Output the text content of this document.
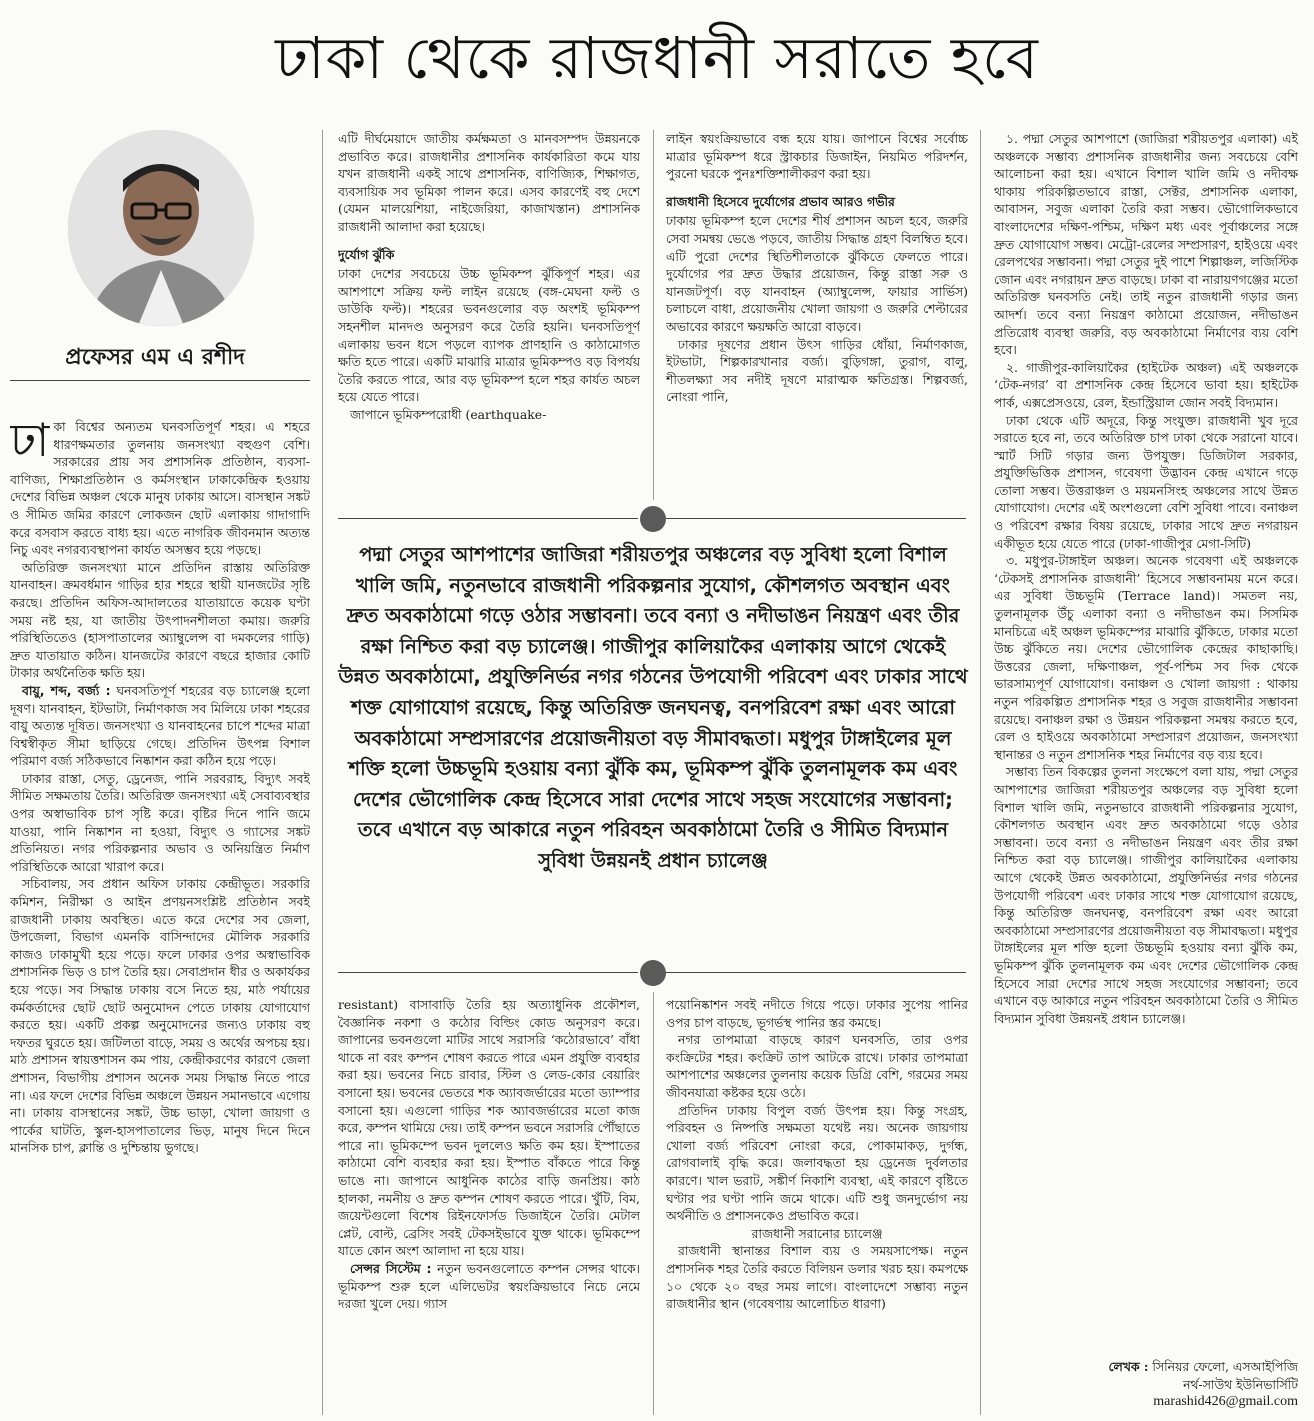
ঢাকা থেকে রাজধানী সরাতে হবে
প্রফেসর এম এ রশীদ

ঢাকা বিশ্বের অন্যতম ঘনবসতিপূর্ণ শহর। এ শহরে ধারণক্ষমতার তুলনায় জনসংখ্যা বহুগুণ বেশি। সরকারের প্রায় সব প্রশাসনিক প্রতিষ্ঠান, ব্যবসা-বাণিজ্য, শিক্ষাপ্রতিষ্ঠান ও কর্মসংস্থান ঢাকাকেন্দ্রিক হওয়ায় দেশের বিভিন্ন অঞ্চল থেকে মানুষ ঢাকায় আসে। বাসস্থান সঙ্কট ও সীমিত জমির কারণে লোকজন ছোট এলাকায় গাদাগাদি করে বসবাস করতে বাধ্য হয়। এতে নাগরিক জীবনমান অত্যন্ত নিচু এবং নগরব্যবস্থাপনা কার্যত অসম্ভব হয়ে পড়ছে।

অতিরিক্ত জনসংখ্যা মানে প্রতিদিন রাস্তায় অতিরিক্ত যানবাহন। ক্রমবর্ধমান গাড়ির হার শহরে স্থায়ী যানজটের সৃষ্টি করছে। প্রতিদিন অফিস-আদালতের যাতায়াতে কয়েক ঘণ্টা সময় নষ্ট হয়, যা জাতীয় উৎপাদনশীলতা কমায়। জরুরি পরিস্থিতিতেও (হাসপাতালের অ্যাম্বুলেন্স বা দমকলের গাড়ি) দ্রুত যাতায়াত কঠিন। যানজটের কারণে বছরে হাজার কোটি টাকার অর্থনৈতিক ক্ষতি হয়।

বায়ু, শব্দ, বর্জ্য : ঘনবসতিপূর্ণ শহরের বড় চ্যালেঞ্জ হলো দূষণ। যানবাহন, ইটভাটা, নির্মাণকাজ সব মিলিয়ে ঢাকা শহরের বায়ু অত্যন্ত দূষিত। জনসংখ্যা ও যানবাহনের চাপে শব্দের মাত্রা বিশ্বস্বীকৃত সীমা ছাড়িয়ে গেছে। প্রতিদিন উৎপন্ন বিশাল পরিমাণ বর্জ্য সঠিকভাবে নিষ্কাশন করা কঠিন হয়ে পড়ে।

ঢাকার রাস্তা, সেতু, ড্রেনেজ, পানি সরবরাহ, বিদ্যুৎ সবই সীমিত সক্ষমতায় তৈরি। অতিরিক্ত জনসংখ্যা এই সেবাব্যবস্থার ওপর অস্বাভাবিক চাপ সৃষ্টি করে। বৃষ্টির দিনে পানি জমে যাওয়া, পানি নিষ্কাশন না হওয়া, বিদ্যুৎ ও গ্যাসের সঙ্কট প্রতিনিয়ত। নগর পরিকল্পনার অভাব ও অনিয়ন্ত্রিত নির্মাণ পরিস্থিতিকে আরো খারাপ করে।

সচিবালয়, সব প্রধান অফিস ঢাকায় কেন্দ্রীভূত। সরকারি কমিশন, নিরীক্ষা ও আইন প্রণয়নসংশ্লিষ্ট প্রতিষ্ঠান সবই রাজধানী ঢাকায় অবস্থিত। এতে করে দেশের সব জেলা, উপজেলা, বিভাগ এমনকি বাসিন্দাদের মৌলিক সরকারি কাজও ঢাকামুখী হয়ে পড়ে। ফলে ঢাকার ওপর অস্বাভাবিক প্রশাসনিক ভিড় ও চাপ তৈরি হয়। সেবাপ্রদান ধীর ও অকার্যকর হয়ে পড়ে। সব সিদ্ধান্ত ঢাকায় বসে নিতে হয়, মাঠ পর্যায়ের কর্মকর্তাদের ছোট ছোট অনুমোদন পেতে ঢাকায় যোগাযোগ করতে হয়। একটি প্রকল্প অনুমোদনের জন্যও ঢাকায় বহু দফতর ঘুরতে হয়। জটিলতা বাড়ে, সময় ও অর্থের অপচয় হয়। মাঠ প্রশাসন স্বায়ত্তশাসন কম পায়, কেন্দ্রীকরণের কারণে জেলা প্রশাসন, বিভাগীয় প্রশাসন অনেক সময় সিদ্ধান্ত নিতে পারে না। এর ফলে দেশের বিভিন্ন অঞ্চলে উন্নয়ন সমানভাবে এগোয় না। ঢাকায় বাসস্থানের সঙ্কট, উচ্চ ভাড়া, খোলা জায়গা ও পার্কের ঘাটতি, স্কুল-হাসপাতালের ভিড়, মানুষ দিনে দিনে মানসিক চাপ, ক্লান্তি ও দুশ্চিন্তায় ভুগছে।

এটি দীর্ঘমেয়াদে জাতীয় কর্মক্ষমতা ও মানবসম্পদ উন্নয়নকে প্রভাবিত করে। রাজধানীর প্রশাসনিক কার্যকারিতা কমে যায় যখন রাজধানী একই সাথে প্রশাসনিক, বাণিজ্যিক, শিক্ষাগত, ব্যবসায়িক সব ভূমিকা পালন করে। এসব কারণেই বহু দেশে (যেমন মালয়েশিয়া, নাইজেরিয়া, কাজাখস্তান) প্রশাসনিক রাজধানী আলাদা করা হয়েছে।

দুর্যোগ ঝুঁকি

ঢাকা দেশের সবচেয়ে উচ্চ ভূমিকম্প ঝুঁকিপূর্ণ শহর। এর আশপাশে সক্রিয় ফল্ট লাইন রয়েছে (বঙ্গ-মেঘনা ফল্ট ও ডাউকি ফল্ট)। শহরের ভবনগুলোর বড় অংশই ভূমিকম্প সহনশীল মানদণ্ড অনুসরণ করে তৈরি হয়নি। ঘনবসতিপূর্ণ এলাকায় ভবন ধসে পড়লে ব্যাপক প্রাণহানি ও কাঠামোগত ক্ষতি হতে পারে। একটি মাঝারি মাত্রার ভূমিকম্পও বড় বিপর্যয় তৈরি করতে পারে, আর বড় ভূমিকম্প হলে শহর কার্যত অচল হয়ে যেতে পারে।

জাপানে ভূমিকম্পরোধী (earthquake-

লাইন স্বয়ংক্রিয়ভাবে বন্ধ হয়ে যায়। জাপানে বিশ্বের সর্বোচ্চ মাত্রার ভূমিকম্প ধরে স্ট্রাকচার ডিজাইন, নিয়মিত পরিদর্শন, পুরনো ঘরকে পুনঃশক্তিশালীকরণ করা হয়।

রাজধানী হিসেবে দুর্যোগের প্রভাব আরও গভীর

ঢাকায় ভূমিকম্প হলে দেশের শীর্ষ প্রশাসন অচল হবে, জরুরি সেবা সমন্বয় ভেঙে পড়বে, জাতীয় সিদ্ধান্ত গ্রহণ বিলম্বিত হবে। এটি পুরো দেশের স্থিতিশীলতাকে ঝুঁকিতে ফেলতে পারে। দুর্যোগের পর দ্রুত উদ্ধার প্রয়োজন, কিন্তু রাস্তা সরু ও যানজটপূর্ণ। বড় যানবাহন (অ্যাম্বুলেন্স, ফায়ার সার্ভিস) চলাচলে বাধা, প্রয়োজনীয় খোলা জায়গা ও জরুরি শেল্টারের অভাবের কারণে ক্ষয়ক্ষতি আরো বাড়বে।

ঢাকার দূষণের প্রধান উৎস গাড়ির ধোঁয়া, নির্মাণকাজ, ইটভাটা, শিল্পকারখানার বর্জ্য। বুড়িগঙ্গা, তুরাগ, বালু, শীতলক্ষ্যা সব নদীই দূষণে মারাত্মক ক্ষতিগ্রস্ত। শিল্পবর্জ্য, নোংরা পানি,

পদ্মা সেতুর আশপাশের জাজিরা শরীয়তপুর অঞ্চলের বড় সুবিধা হলো বিশাল খালি জমি, নতুনভাবে রাজধানী পরিকল্পনার সুযোগ, কৌশলগত অবস্থান এবং দ্রুত অবকাঠামো গড়ে ওঠার সম্ভাবনা। তবে বন্যা ও নদীভাঙন নিয়ন্ত্রণ এবং তীর রক্ষা নিশ্চিত করা বড় চ্যালেঞ্জ। গাজীপুর কালিয়াকৈর এলাকায় আগে থেকেই উন্নত অবকাঠামো, প্রযুক্তিনির্ভর নগর গঠনের উপযোগী পরিবেশ এবং ঢাকার সাথে শক্ত যোগাযোগ রয়েছে, কিন্তু অতিরিক্ত জনঘনত্ব, বনপরিবেশ রক্ষা এবং আরো অবকাঠামো সম্প্রসারণের প্রয়োজনীয়তা বড় সীমাবদ্ধতা। মধুপুর টাঙ্গাইলের মূল শক্তি হলো উচ্চভূমি হওয়ায় বন্যা ঝুঁকি কম, ভূমিকম্প ঝুঁকি তুলনামূলক কম এবং দেশের ভৌগোলিক কেন্দ্র হিসেবে সারা দেশের সাথে সহজ সংযোগের সম্ভাবনা; তবে এখানে বড় আকারে নতুন পরিবহন অবকাঠামো তৈরি ও সীমিত বিদ্যমান সুবিধা উন্নয়নই প্রধান চ্যালেঞ্জ

resistant) বাসাবাড়ি তৈরি হয় অত্যাধুনিক প্রকৌশল, বৈজ্ঞানিক নকশা ও কঠোর বিল্ডিং কোড অনুসরণ করে। জাপানের ভবনগুলো মাটির সাথে সরাসরি ‘কঠোরভাবে’ বাঁধা থাকে না বরং কম্পন শোষণ করতে পারে এমন প্রযুক্তি ব্যবহার করা হয়। ভবনের নিচে রাবার, স্টিল ও লেড-কোর বেয়ারিং বসানো হয়। ভবনের ভেতরে শক অ্যাবজর্ভারের মতো ড্যাম্পার বসানো হয়। এগুলো গাড়ির শক অ্যাবজর্ভারের মতো কাজ করে, কম্পন থামিয়ে দেয়। তাই কম্পন ভবনে সরাসরি পৌঁছাতে পারে না। ভূমিকম্পে ভবন দুললেও ক্ষতি কম হয়। ইস্পাতের কাঠামো বেশি ব্যবহার করা হয়। ইস্পাত বাঁকতে পারে কিন্তু ভাঙে না। জাপানে আধুনিক কাঠের বাড়ি জনপ্রিয়। কাঠ হালকা, নমনীয় ও দ্রুত কম্পন শোষণ করতে পারে। খুঁটি, বিম, জয়েন্টগুলো বিশেষ রিইনফোর্সড ডিজাইনে তৈরি। মেটাল প্লেট, বোল্ট, ব্রেসিং সবই টেকসইভাবে যুক্ত থাকে। ভূমিকম্পে যাতে কোন অংশ আলাদা না হয়ে যায়।

সেন্সর সিস্টেম : নতুন ভবনগুলোতে কম্পন সেন্সর থাকে। ভূমিকম্প শুরু হলে এলিভেটর স্বয়ংক্রিয়ভাবে নিচে নেমে দরজা খুলে দেয়। গ্যাস

পয়োনিষ্কাশন সবই নদীতে গিয়ে পড়ে। ঢাকার সুপেয় পানির ওপর চাপ বাড়ছে, ভূগর্ভস্থ পানির স্তর কমছে।

নগর তাপমাত্রা বাড়ছে কারণ ঘনবসতি, তার ওপর কংক্রিটের শহর। কংক্রিট তাপ আটকে রাখে। ঢাকার তাপমাত্রা আশপাশের অঞ্চলের তুলনায় কয়েক ডিগ্রি বেশি, গরমের সময় জীবনযাত্রা কষ্টকর হয়ে ওঠে।

প্রতিদিন ঢাকায় বিপুল বর্জ্য উৎপন্ন হয়। কিন্তু সংগ্রহ, পরিবহন ও নিষ্পত্তি সক্ষমতা যথেষ্ট নয়। অনেক জায়গায় খোলা বর্জ্য পরিবেশ নোংরা করে, পোকামাকড়, দুর্গন্ধ, রোগবালাই বৃদ্ধি করে। জলাবদ্ধতা হয় ড্রেনেজ দুর্বলতার কারণে। খাল ভরাট, সঙ্কীর্ণ নিকাশি ব্যবস্থা, এই কারণে বৃষ্টিতে ঘণ্টার পর ঘণ্টা পানি জমে থাকে। এটি শুধু জনদুর্ভোগ নয় অর্থনীতি ও প্রশাসনকেও প্রভাবিত করে।

রাজধানী সরানোর চ্যালেঞ্জ

রাজধানী স্থানান্তর বিশাল ব্যয় ও সময়সাপেক্ষ। নতুন প্রশাসনিক শহর তৈরি করতে বিলিয়ন ডলার খরচ হয়। কমপক্ষে ১০ থেকে ২০ বছর সময় লাগে। বাংলাদেশে সম্ভাব্য নতুন রাজধানীর স্থান (গবেষণায় আলোচিত ধারণা)

১. পদ্মা সেতুর আশপাশে (জাজিরা শরীয়তপুর এলাকা) এই অঞ্চলকে সম্ভাব্য প্রশাসনিক রাজধানীর জন্য সবচেয়ে বেশি আলোচনা করা হয়। এখানে বিশাল খালি জমি ও নদীবক্ষ থাকায় পরিকল্পিতভাবে রাস্তা, সেক্টর, প্রশাসনিক এলাকা, আবাসন, সবুজ এলাকা তৈরি করা সম্ভব। ভৌগোলিকভাবে বাংলাদেশের দক্ষিণ-পশ্চিম, দক্ষিণ মধ্য এবং পূর্বাঞ্চলের সঙ্গে দ্রুত যোগাযোগ সম্ভব। মেট্রো-রেলের সম্প্রসারণ, হাইওয়ে এবং রেলপথের সম্ভাবনা। পদ্মা সেতুর দুই পাশে শিল্পাঞ্চল, লজিস্টিক জোন এবং নগরায়ন দ্রুত বাড়ছে। ঢাকা বা নারায়ণগঞ্জের মতো অতিরিক্ত ঘনবসতি নেই। তাই নতুন রাজধানী গড়ার জন্য আদর্শ। তবে বন্যা নিয়ন্ত্রণ কাঠামো প্রয়োজন, নদীভাঙন প্রতিরোধ ব্যবস্থা জরুরি, বড় অবকাঠামো নির্মাণের ব্যয় বেশি হবে।

২. গাজীপুর-কালিয়াকৈর (হাইটেক অঞ্চল) এই অঞ্চলকে ‘টেক-নগর’ বা প্রশাসনিক কেন্দ্র হিসেবে ভাবা হয়। হাইটেক পার্ক, এক্সপ্রেসওয়ে, রেল, ইন্ডাস্ট্রিয়াল জোন সবই বিদ্যমান।

ঢাকা থেকে এটি অদূরে, কিন্তু সংযুক্ত। রাজধানী খুব দূরে সরাতে হবে না, তবে অতিরিক্ত চাপ ঢাকা থেকে সরানো যাবে। স্মার্ট সিটি গড়ার জন্য উপযুক্ত। ডিজিটাল সরকার, প্রযুক্তিভিত্তিক প্রশাসন, গবেষণা উদ্ভাবন কেন্দ্র এখানে গড়ে তোলা সম্ভব। উত্তরাঞ্চল ও ময়মনসিংহ অঞ্চলের সাথে উন্নত যোগাযোগ। দেশের এই অংশগুলো বেশি সুবিধা পাবে। বনাঞ্চল ও পরিবেশ রক্ষার বিষয় রয়েছে, ঢাকার সাথে দ্রুত নগরায়ন একীভূত হয়ে যেতে পারে (ঢাকা-গাজীপুর মেগা-সিটি)

৩. মধুপুর-টাঙ্গাইল অঞ্চল। অনেক গবেষণা এই অঞ্চলকে ‘টেকসই প্রশাসনিক রাজধানী’ হিসেবে সম্ভাবনাময় মনে করে। এর সুবিধা উচ্চভূমি (Terrace land)। সমতল নয়, তুলনামূলক উঁচু এলাকা বন্যা ও নদীভাঙন কম। সিসমিক মানচিত্রে এই অঞ্চল ভূমিকম্পের মাঝারি ঝুঁকিতে, ঢাকার মতো উচ্চ ঝুঁকিতে নয়। দেশের ভৌগোলিক কেন্দ্রের কাছাকাছি। উত্তরের জেলা, দক্ষিণাঞ্চল, পূর্ব-পশ্চিম সব দিক থেকে ভারসাম্যপূর্ণ যোগাযোগ। বনাঞ্চল ও খোলা জায়গা : থাকায় নতুন পরিকল্পিত প্রশাসনিক শহর ও সবুজ রাজধানীর সম্ভাবনা রয়েছে। বনাঞ্চল রক্ষা ও উন্নয়ন পরিকল্পনা সমন্বয় করতে হবে, রেল ও হাইওয়ে অবকাঠামো সম্প্রসারণ প্রয়োজন, জনসংখ্যা স্থানান্তর ও নতুন প্রশাসনিক শহর নির্মাণের বড় ব্যয় হবে।

সম্ভাব্য তিন বিকল্পের তুলনা সংক্ষেপে বলা যায়, পদ্মা সেতুর আশপাশের জাজিরা শরীয়তপুর অঞ্চলের বড় সুবিধা হলো বিশাল খালি জমি, নতুনভাবে রাজধানী পরিকল্পনার সুযোগ, কৌশলগত অবস্থান এবং দ্রুত অবকাঠামো গড়ে ওঠার সম্ভাবনা। তবে বন্যা ও নদীভাঙন নিয়ন্ত্রণ এবং তীর রক্ষা নিশ্চিত করা বড় চ্যালেঞ্জ। গাজীপুর কালিয়াকৈর এলাকায় আগে থেকেই উন্নত অবকাঠামো, প্রযুক্তিনির্ভর নগর গঠনের উপযোগী পরিবেশ এবং ঢাকার সাথে শক্ত যোগাযোগ রয়েছে, কিন্তু অতিরিক্ত জনঘনত্ব, বনপরিবেশ রক্ষা এবং আরো অবকাঠামো সম্প্রসারণের প্রয়োজনীয়তা বড় সীমাবদ্ধতা। মধুপুর টাঙ্গাইলের মূল শক্তি হলো উচ্চভূমি হওয়ায় বন্যা ঝুঁকি কম, ভূমিকম্প ঝুঁকি তুলনামূলক কম এবং দেশের ভৌগোলিক কেন্দ্র হিসেবে সারা দেশের সাথে সহজ সংযোগের সম্ভাবনা; তবে এখানে বড় আকারে নতুন পরিবহন অবকাঠামো তৈরি ও সীমিত বিদ্যমান সুবিধা উন্নয়নই প্রধান চ্যালেঞ্জ।

লেখক : সিনিয়র ফেলো, এসআইপিজি
নর্থ-সাউথ ইউনিভার্সিটি
marashid426@gmail.com
